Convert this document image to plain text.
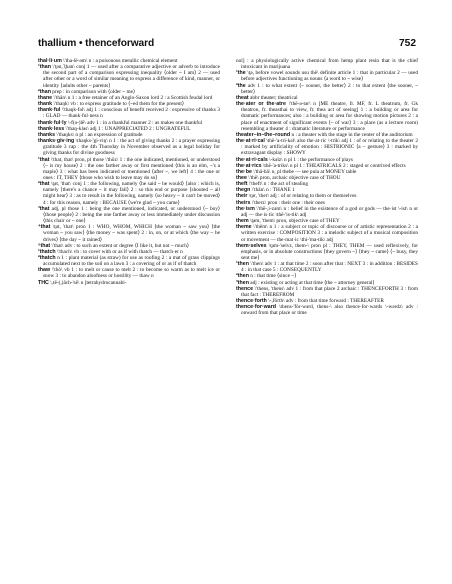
thallium • thenceforward	752

thal·li·um \'tha-lē-əm\ n : a poisonous metallic chemical element

¹than \'t̮ən, ̆t̮han\ conj 1 — used after a comparative adjective or adverb to introduce the second part of a comparison expressing inequality ⟨older ~ I am⟩ 2 — used after other or a word of similar meaning to express a difference of kind, manner, or identity ⟨adults other ~ parents⟩

²than prep : in comparison with ⟨older ~ me⟩

thane \'thān\ n 1 : a free retainer of an Anglo-Saxon lord 2 : a Scottish feudal lord

thank \'thaŋk\ vb : to express gratitude to ⟨~ed them for the present⟩

thank·ful \'thaŋk-fəl\ adj 1 : conscious of benefit received 2 : expressive of thanks 3 : GLAD — thank·ful·ness n

thank·ful·ly \-f(ə-)lē\ adv 1 : in a thankful manner 2 : as makes one thankful

thank·less \'thaŋ-kləs\ adj 1 : UNAPPRECIATED 2 : UNGRATEFUL

thanks \'thaŋks\ n pl : an expression of gratitude

thanks·giv·ing \thaŋks-'gi-viŋ\ n 1 : the act of giving thanks 2 : a prayer expressing gratitude 3 cap : the 4th Thursday in November observed as a legal holiday for giving thanks for divine goodness

¹that \'that, that\ pron, pl those \'thōz\ 1 : the one indicated, mentioned, or understood ⟨~ is my house⟩ 2 : the one farther away or first mentioned ⟨this is an elm, ~'s a maple⟩ 3 : what has been indicated or mentioned ⟨after ~, we left⟩ 4 : the one or ones : IT, THEY ⟨those who wish to leave may do so⟩

²that \t̮ət, 'that\ conj 1 : the following, namely ⟨he said ~ he would⟩ ⟨also : which is, namely ⟨there's a chance ~ it may fall⟩ 2 : so this end or purpose ⟨shouted ~ all might hear⟩ 3 : as to result in the following, namely ⟨so heavy ~ it can't be moved⟩ 4 : for this reason, namely : BECAUSE ⟨we're glad ~ you came⟩

³that adj, pl those 1 : being the one mentioned, indicated, or understood ⟨~ boy⟩ ⟨those people⟩ 2 : being the one farther away or less immediately under discussion ⟨this chair or ~ one⟩

⁴that \t̮ət, 'that\ pron 1 : WHO, WHOM, WHICH ⟨the woman ~ saw you⟩ ⟨the woman ~ you saw⟩ ⟨the money ~ was spent⟩ 2 : in, on, or at which ⟨the way ~ he drives⟩ ⟨the day ~ it rained⟩

⁵that \'that\ adv : to such an extent or degree ⟨I like it, but not ~ much⟩

¹thatch \'thach\ vb : to cover with or as if with thatch — thatch·er n

²thatch n 1 : plant material (as straw) for use as roofing 2 : a mat of grass clippings accumulated next to the soil on a lawn 3 : a covering of or as if of thatch

thaw \'thò\ vb 1 : to melt or cause to melt 2 : to become so warm as to melt ice or snow 3 : to abandon aloofness or hostility — thaw n

THC \,tē-(,)āch-'sē\ n [tetrahydrocannabi-

nol] : a physiologically active chemical from hemp plant resin that is the chief intoxicant in marijuana

¹the \t̮ə, before vowel sounds usu thē\ definite article 1 : that in particular 2 — used before adjectives functioning as nouns ⟨a word to ~ wise⟩

²the adv 1 : to what extent ⟨~ sooner, the better⟩ 2 : to that extent ⟨the sooner, ~ better⟩

theat abbr theater; theatrical

the·ater or the·atre \'thē-ə-tər\ n [ME theatre, fr. MF, fr. L theatrum, fr. Gk theatron, fr. theasthai to view, fr. thea act of seeing] 1 : a building or area for dramatic performances; also : a building or area for showing motion pictures 2 : a place of enactment of significant events ⟨~ of war⟩ 3 : a place (as a lecture room) resembling a theater 4 : dramatic literature or performance

theater–in–the–round n : a theater with the stage in the center of the auditorium

the·at·ri·cal \thē-'a-tri-kəl\ also the·at·ric \-trik\ adj 1 : of or relating to the theater 2 : marked by artificiality of emotion : HISTRIONIC ⟨a ~ gesture⟩ 3 : marked by extravagant display : SHOWY

the·at·ri·cals \-kəlz\ n pl 1 : the performance of plays

the·at·rics \thē-'a-triks\ n pl 1 : THEATRICALS 2 : staged or contrived effects

the·be \'thā-bā\ n, pl thebe — see pula at MONEY table

thee \'thē\ pron, archaic objective case of THOU

theft \'theft\ n : the act of stealing

thegn \'thān\ n : THANE 1

their \t̮ər, 'ther\ adj : of or relating to them or themselves

theirs \'therz\ pron : their one : their ones

the·ism \'thē-,i-zəm\ n : belief in the existence of a god or gods — the·ist \-ist\ n or adj — the·is·tic \thē-'is-tik\ adj

them \t̮əm, 'them\ pron, objective case of THEY

theme \'thēm\ n 1 : a subject or topic of discourse or of artistic representation 2 : a written exercise : COMPOSITION 3 : a melodic subject of a musical composition or movement — the·mat·ic \thi-'ma-tik\ adj

them·selves \t̮əm-'selvz, them-\ pron pl : THEY, THEM — used reflexively, for emphasis, or in absolute constructions ⟨they govern ~⟩ ⟨they ~ came⟩ ⟨~ busy, they sent me⟩

¹then \'then\ adv 1 : at that time 2 : soon after that : NEXT 3 : in addition : BESIDES 4 : in that case 5 : CONSEQUENTLY

²then n : that time ⟨since ~⟩

³then adj : existing or acting at that time ⟨the ~ attorney general⟩

thence \'thens, 'thens\ adv 1 : from that place 2 archaic : THENCEFORTH 3 : from that fact : THEREFROM

thence·forth \-,fōrth\ adv : from that time forward : THEREAFTER

thence·for·ward \thens-'fòr-wərd, thens-\ also thence·for·wards \-wərdz\ adv : onward from that place or time
